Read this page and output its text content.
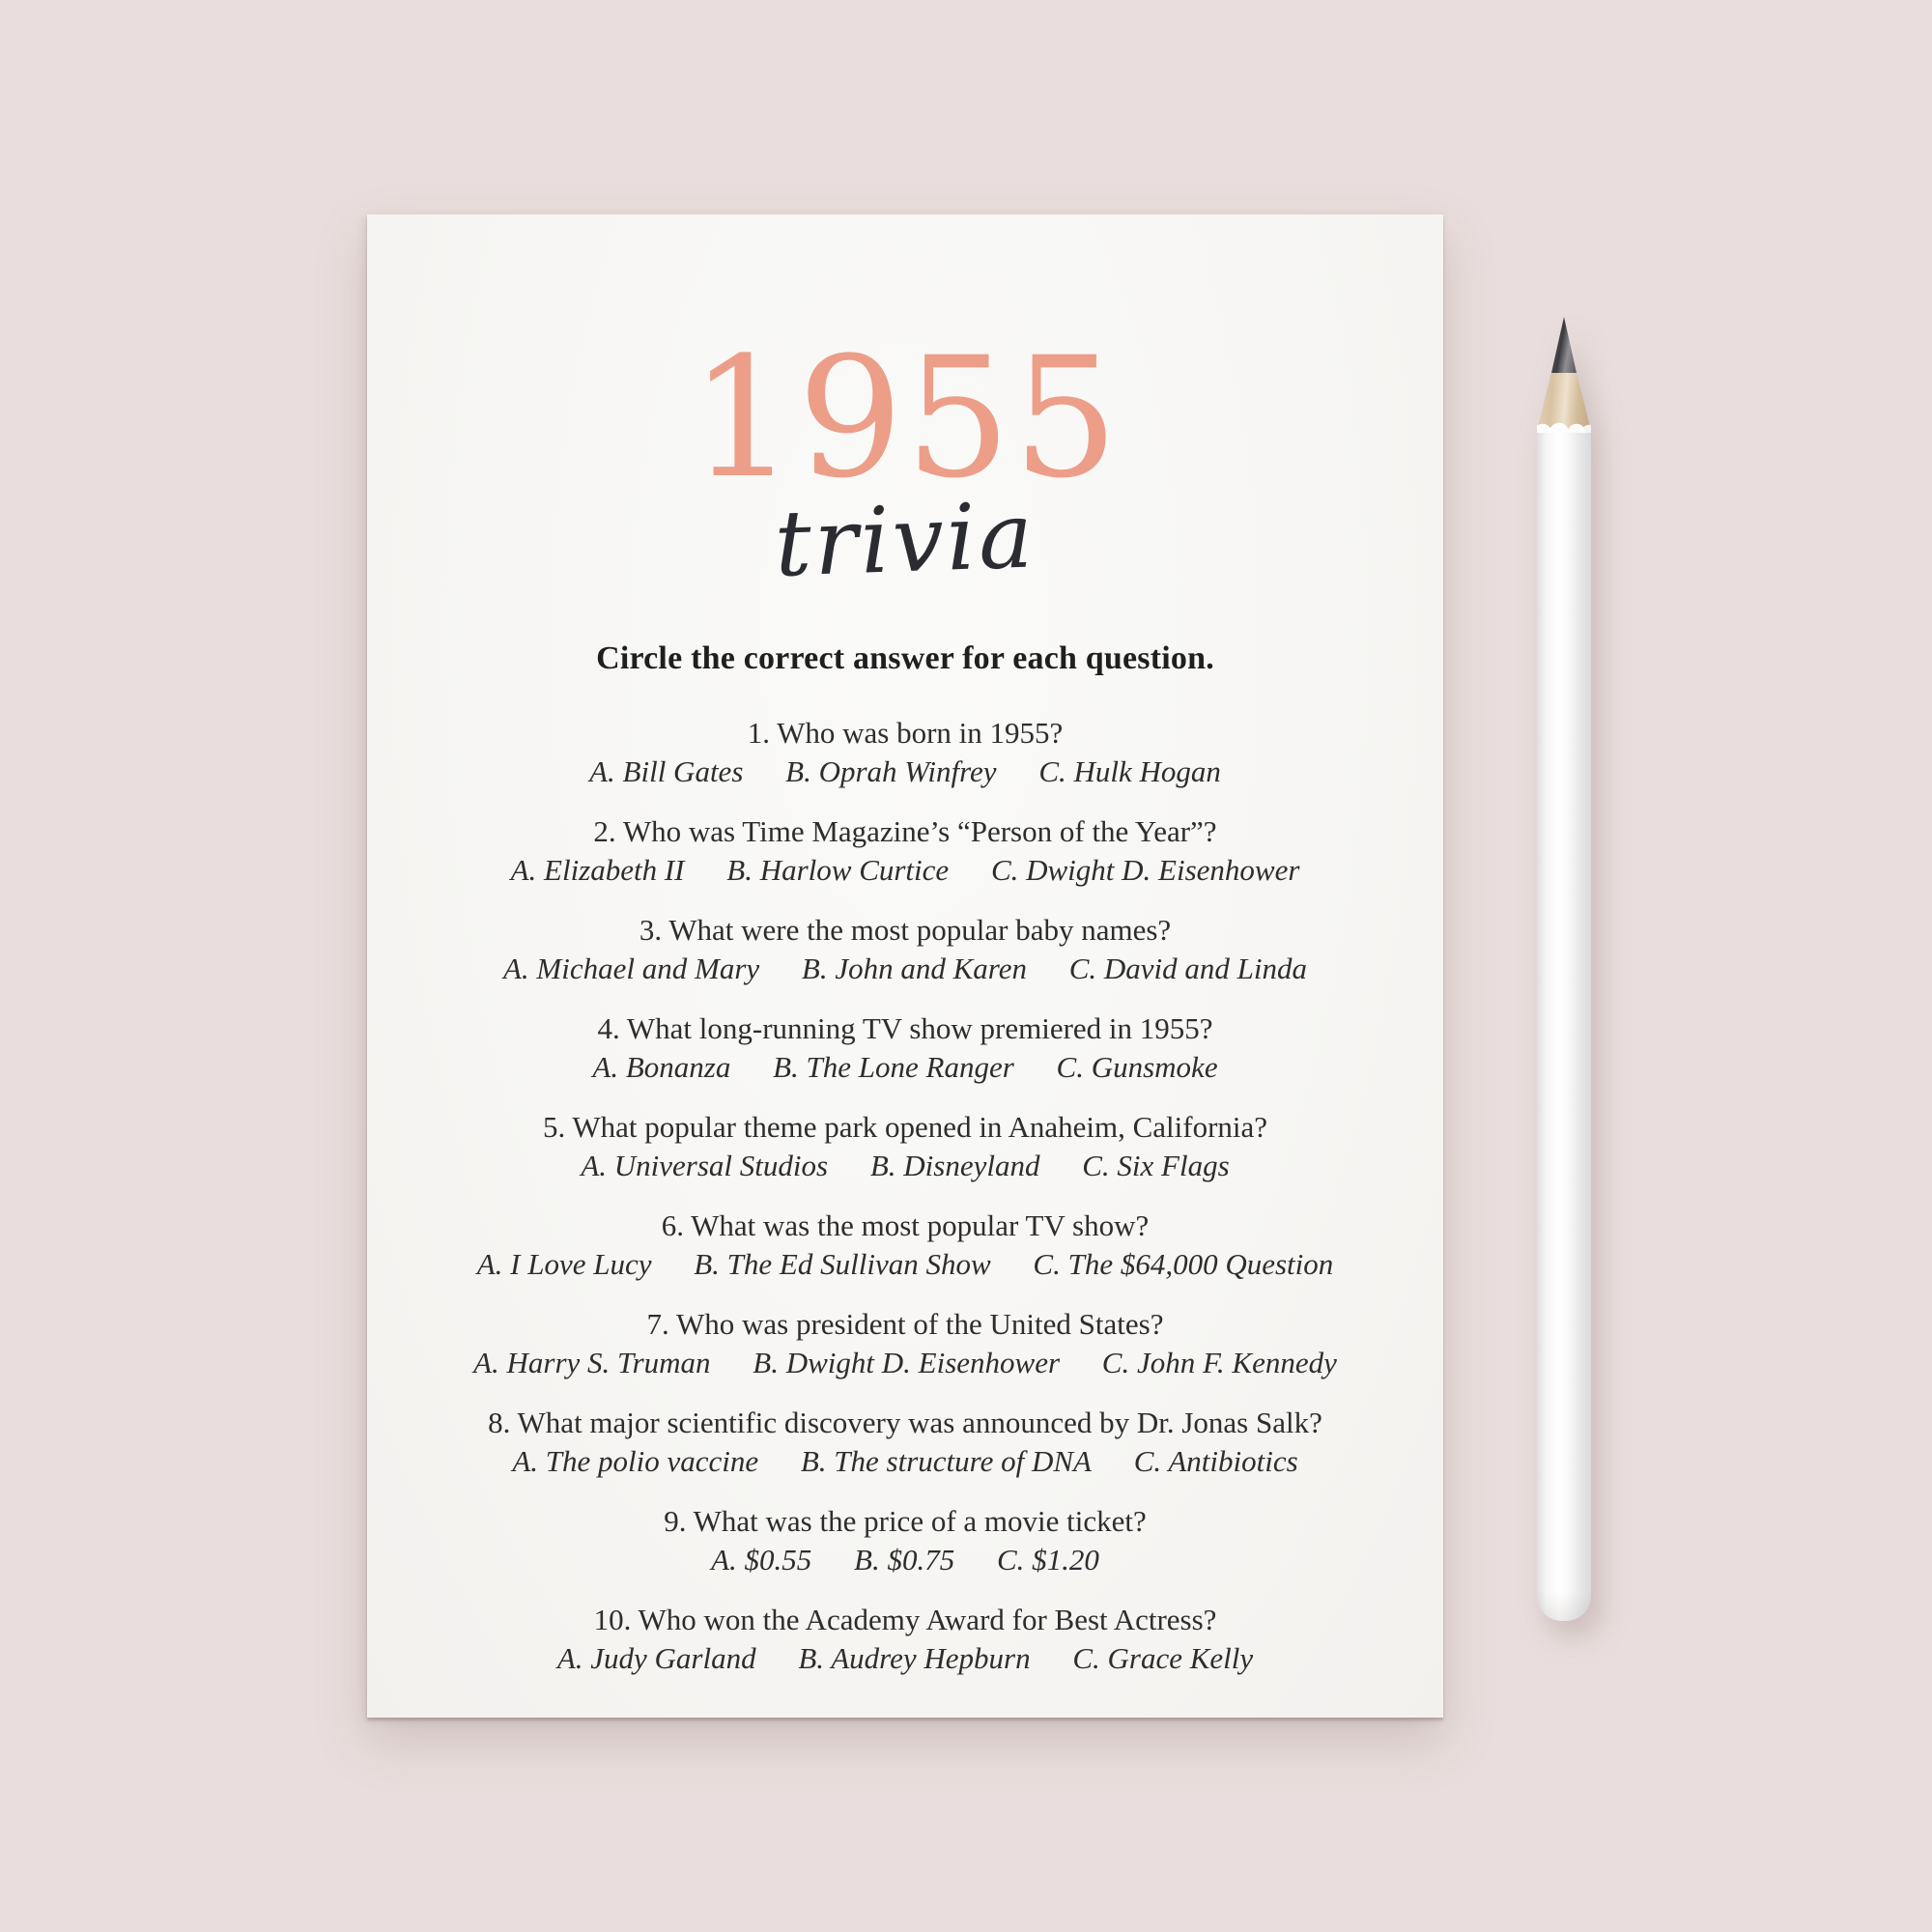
1955
trivia
Circle the correct answer for each question.
1. Who was born in 1955?
A. Bill Gates B. Oprah Winfrey C. Hulk Hogan
2. Who was Time Magazine’s “Person of the Year”?
A. Elizabeth II B. Harlow Curtice C. Dwight D. Eisenhower
3. What were the most popular baby names?
A. Michael and Mary B. John and Karen C. David and Linda
4. What long-running TV show premiered in 1955?
A. Bonanza B. The Lone Ranger C. Gunsmoke
5. What popular theme park opened in Anaheim, California?
A. Universal Studios B. Disneyland C. Six Flags
6. What was the most popular TV show?
A. I Love Lucy B. The Ed Sullivan Show C. The $64,000 Question
7. Who was president of the United States?
A. Harry S. Truman B. Dwight D. Eisenhower C. John F. Kennedy
8. What major scientific discovery was announced by Dr. Jonas Salk?
A. The polio vaccine B. The structure of DNA C. Antibiotics
9. What was the price of a movie ticket?
A. $0.55 B. $0.75 C. $1.20
10. Who won the Academy Award for Best Actress?
A. Judy Garland B. Audrey Hepburn C. Grace Kelly
